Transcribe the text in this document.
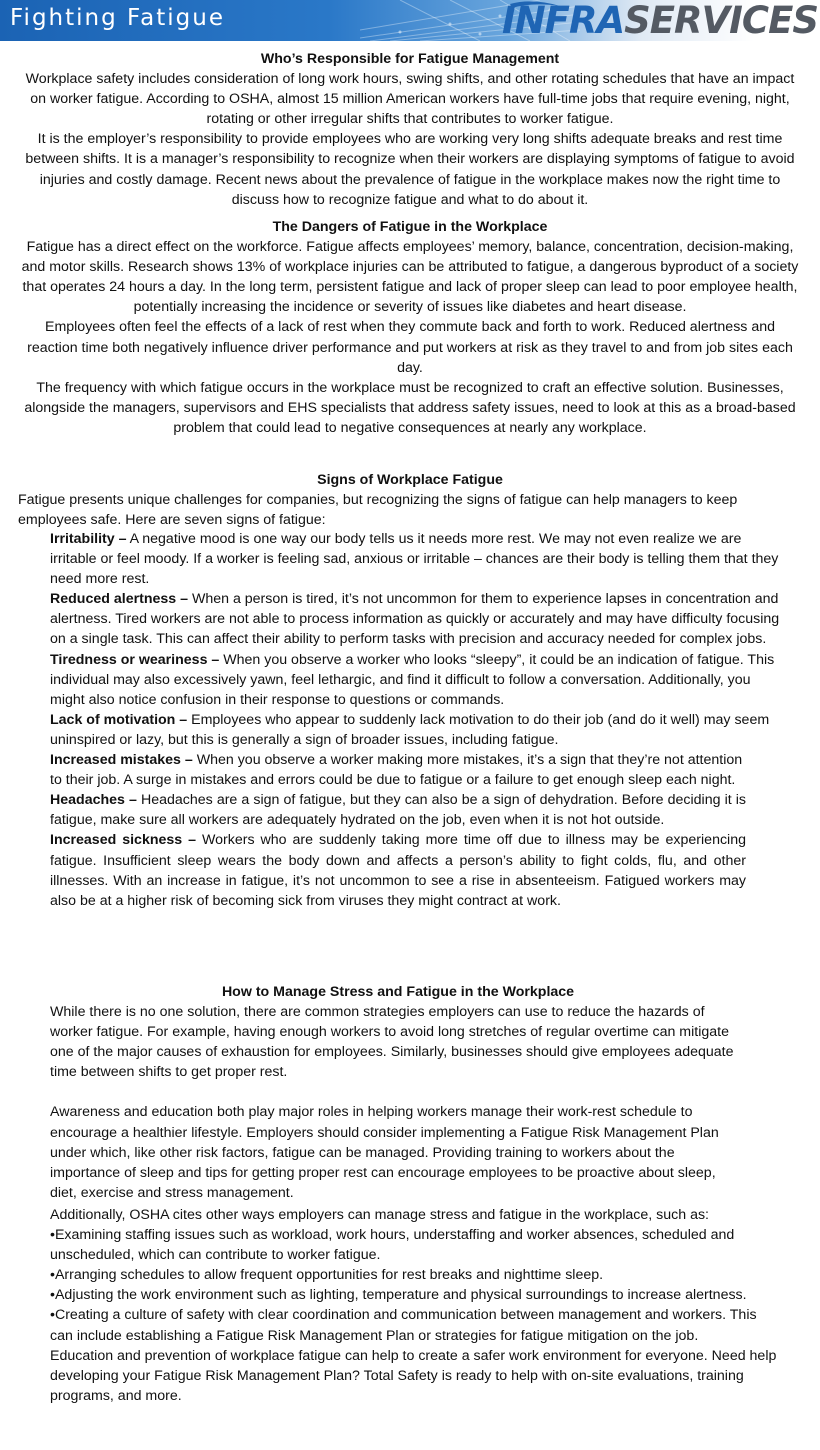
Fighting Fatigue	INFRASERVICES

Who’s Responsible for Fatigue Management

Workplace safety includes consideration of long work hours, swing shifts, and other rotating schedules that have an impact on worker fatigue. According to OSHA, almost 15 million American workers have full-time jobs that require evening, night, rotating or other irregular shifts that contributes to worker fatigue.

It is the employer’s responsibility to provide employees who are working very long shifts adequate breaks and rest time between shifts. It is a manager’s responsibility to recognize when their workers are displaying symptoms of fatigue to avoid injuries and costly damage. Recent news about the prevalence of fatigue in the workplace makes now the right time to discuss how to recognize fatigue and what to do about it.

The Dangers of Fatigue in the Workplace

Fatigue has a direct effect on the workforce. Fatigue affects employees’ memory, balance, concentration, decision-making, and motor skills. Research shows 13% of workplace injuries can be attributed to fatigue, a dangerous byproduct of a society that operates 24 hours a day. In the long term, persistent fatigue and lack of proper sleep can lead to poor employee health, potentially increasing the incidence or severity of issues like diabetes and heart disease.

Employees often feel the effects of a lack of rest when they commute back and forth to work. Reduced alertness and reaction time both negatively influence driver performance and put workers at risk as they travel to and from job sites each day.

The frequency with which fatigue occurs in the workplace must be recognized to craft an effective solution. Businesses, alongside the managers, supervisors and EHS specialists that address safety issues, need to look at this as a broad-based problem that could lead to negative consequences at nearly any workplace.

Signs of Workplace Fatigue

Fatigue presents unique challenges for companies, but recognizing the signs of fatigue can help managers to keep employees safe. Here are seven signs of fatigue:

Irritability – A negative mood is one way our body tells us it needs more rest. We may not even realize we are irritable or feel moody. If a worker is feeling sad, anxious or irritable – chances are their body is telling them that they need more rest.

Reduced alertness – When a person is tired, it’s not uncommon for them to experience lapses in concentration and alertness. Tired workers are not able to process information as quickly or accurately and may have difficulty focusing on a single task. This can affect their ability to perform tasks with precision and accuracy needed for complex jobs.

Tiredness or weariness – When you observe a worker who looks “sleepy”, it could be an indication of fatigue. This individual may also excessively yawn, feel lethargic, and find it difficult to follow a conversation. Additionally, you might also notice confusion in their response to questions or commands.

Lack of motivation – Employees who appear to suddenly lack motivation to do their job (and do it well) may seem uninspired or lazy, but this is generally a sign of broader issues, including fatigue.

Increased mistakes – When you observe a worker making more mistakes, it’s a sign that they’re not attention to their job. A surge in mistakes and errors could be due to fatigue or a failure to get enough sleep each night.

Headaches – Headaches are a sign of fatigue, but they can also be a sign of dehydration. Before deciding it is fatigue, make sure all workers are adequately hydrated on the job, even when it is not hot outside.

Increased sickness – Workers who are suddenly taking more time off due to illness may be experiencing fatigue. Insufficient sleep wears the body down and affects a person’s ability to fight colds, flu, and other illnesses. With an increase in fatigue, it’s not uncommon to see a rise in absenteeism. Fatigued workers may also be at a higher risk of becoming sick from viruses they might contract at work.

How to Manage Stress and Fatigue in the Workplace

While there is no one solution, there are common strategies employers can use to reduce the hazards of worker fatigue. For example, having enough workers to avoid long stretches of regular overtime can mitigate one of the major causes of exhaustion for employees. Similarly, businesses should give employees adequate time between shifts to get proper rest.

Awareness and education both play major roles in helping workers manage their work-rest schedule to encourage a healthier lifestyle. Employers should consider implementing a Fatigue Risk Management Plan under which, like other risk factors, fatigue can be managed. Providing training to workers about the importance of sleep and tips for getting proper rest can encourage employees to be proactive about sleep, diet, exercise and stress management.

Additionally, OSHA cites other ways employers can manage stress and fatigue in the workplace, such as:

•Examining staffing issues such as workload, work hours, understaffing and worker absences, scheduled and unscheduled, which can contribute to worker fatigue.

•Arranging schedules to allow frequent opportunities for rest breaks and nighttime sleep.

•Adjusting the work environment such as lighting, temperature and physical surroundings to increase alertness.

•Creating a culture of safety with clear coordination and communication between management and workers. This can include establishing a Fatigue Risk Management Plan or strategies for fatigue mitigation on the job.

Education and prevention of workplace fatigue can help to create a safer work environment for everyone. Need help developing your Fatigue Risk Management Plan? Total Safety is ready to help with on-site evaluations, training programs, and more.
